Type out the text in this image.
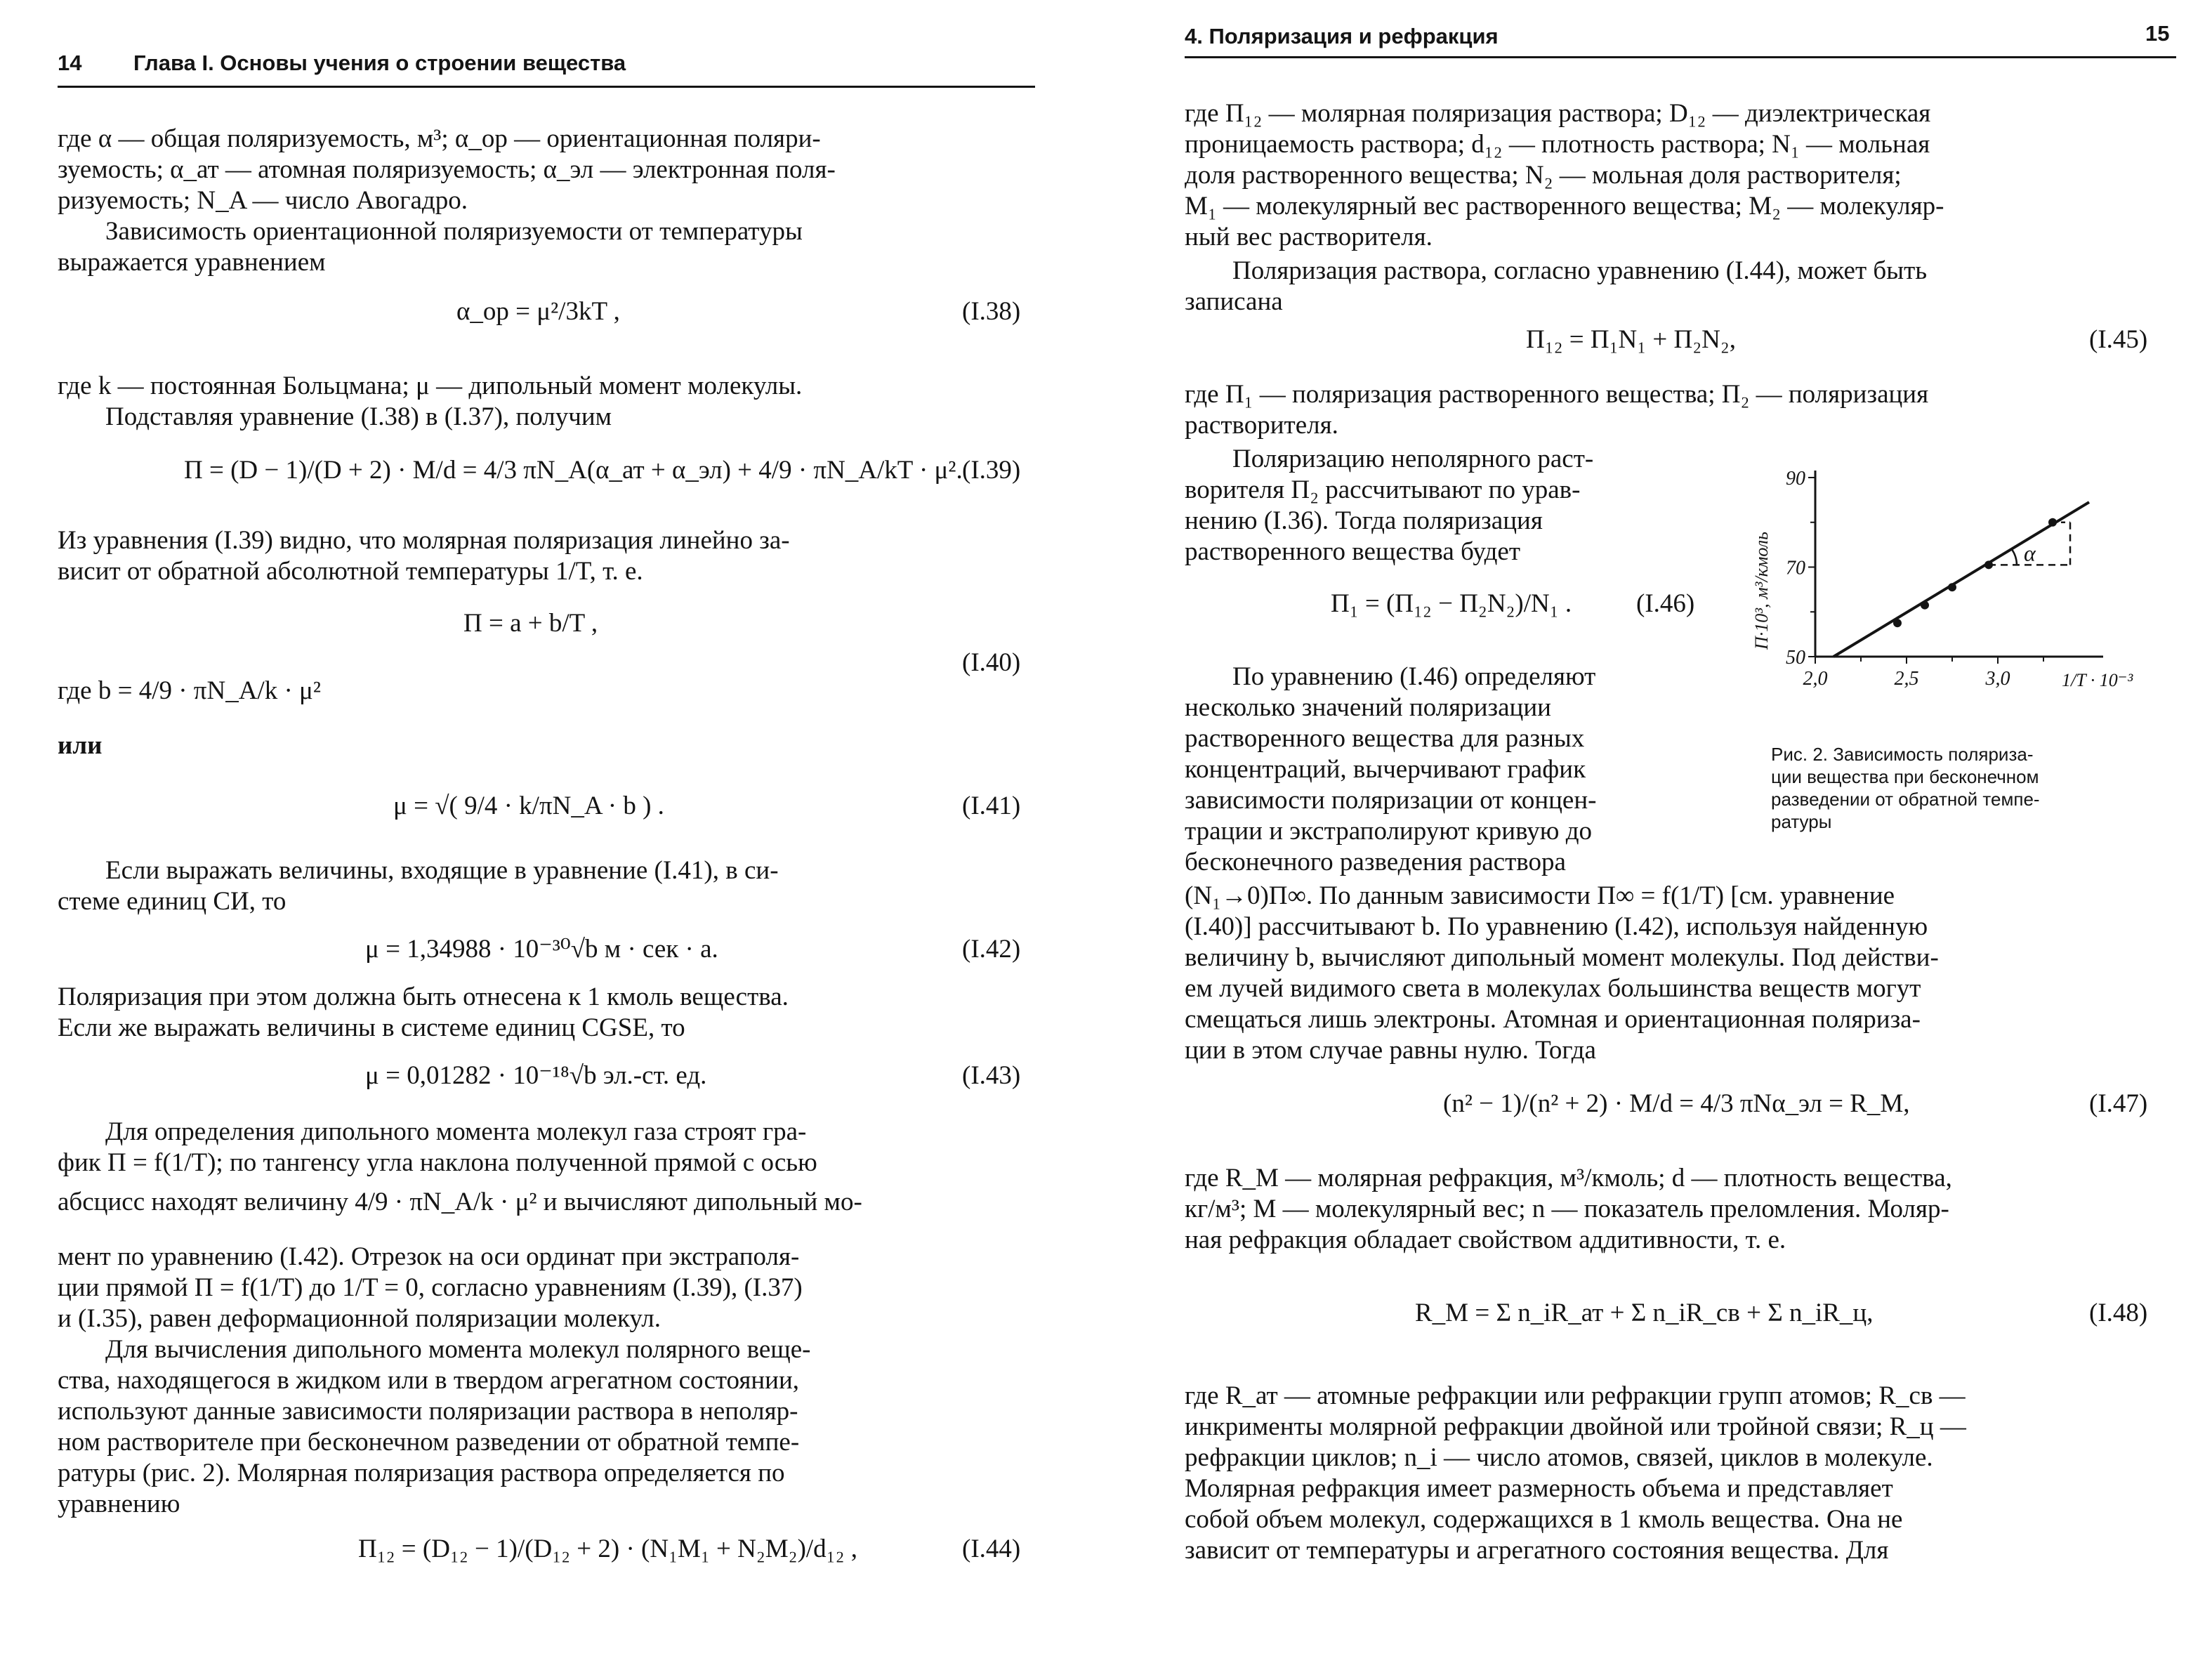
14 Глава I. Основы учения о строении вещества
где α — общая поляризуемость, м³; α_ор — ориентационная поляри-
зуемость; α_ат — атомная поляризуемость; α_эл — электронная поля-
ризуемость; N_A — число Авогадро.
Зависимость ориентационной поляризуемости от температуры
выражается уравнением
α_ор = μ²/3kT ,	(I.38)
где k — постоянная Больцмана; μ — дипольный момент молекулы.
Подставляя уравнение (I.38) в (I.37), получим
П = (D − 1)/(D + 2) · M/d = 4/3 πN_A(α_ат + α_эл) + 4/9 · πN_A/kT · μ². (I.39)
Из уравнения (I.39) видно, что молярная поляризация линейно за-
висит от обратной абсолютной температуры 1/T, т. е.
П = a + b/T ,
(I.40)
где b = 4/9 · πN_A/k · μ²
или
μ = √( 9/4 · k/πN_A · b ) .	(I.41)
Если выражать величины, входящие в уравнение (I.41), в си-
стеме единиц СИ, то
μ = 1,34988 · 10⁻³⁰√b м · сек · а.	(I.42)
Поляризация при этом должна быть отнесена к 1 кмоль вещества.
Если же выражать величины в системе единиц CGSE, то
μ = 0,01282 · 10⁻¹⁸√b эл.-ст. ед.	(I.43)
Для определения дипольного момента молекул газа строят гра-
фик П = f(1/T); по тангенсу угла наклона полученной прямой с осью
абсцисс находят величину 4/9 · πN_A/k · μ² и вычисляют дипольный мо-
мент по уравнению (I.42). Отрезок на оси ординат при экстраполя-
ции прямой П = f(1/T) до 1/T = 0, согласно уравнениям (I.39), (I.37)
и (I.35), равен деформационной поляризации молекул.
Для вычисления дипольного момента молекул полярного веще-
ства, находящегося в жидком или в твердом агрегатном состоянии,
используют данные зависимости поляризации раствора в неполяр-
ном растворителе при бесконечном разведении от обратной темпе-
ратуры (рис. 2). Молярная поляризация раствора определяется по
уравнению
П₁₂ = (D₁₂ − 1)/(D₁₂ + 2) · (N₁M₁ + N₂M₂)/d₁₂ ,	(I.44)
4. Поляризация и рефракция	15
где П₁₂ — молярная поляризация раствора; D₁₂ — диэлектрическая
проницаемость раствора; d₁₂ — плотность раствора; N₁ — мольная
доля растворенного вещества; N₂ — мольная доля растворителя;
M₁ — молекулярный вес растворенного вещества; M₂ — молекуляр-
ный вес растворителя.
Поляризация раствора, согласно уравнению (I.44), может быть
записана
П₁₂ = П₁N₁ + П₂N₂,	(I.45)
где П₁ — поляризация растворенного вещества; П₂ — поляризация
растворителя.
Поляризацию неполярного раст-
ворителя П₂ рассчитывают по урав-
нению (I.36). Тогда поляризация
растворенного вещества будет
П₁ = (П₁₂ − П₂N₂)/N₁ . (I.46)
По уравнению (I.46) определяют
несколько значений поляризации
растворенного вещества для разных
концентраций, вычерчивают график
зависимости поляризации от концен-
трации и экстраполируют кривую до
бесконечного разведения раствора
(N₁→0)П∞. По данным зависимости П∞ = f(1/T) [см. уравнение
(I.40)] рассчитывают b. По уравнению (I.42), используя найденную
величину b, вычисляют дипольный момент молекулы. Под действи-
ем лучей видимого света в молекулах большинства веществ могут
смещаться лишь электроны. Атомная и ориентационная поляриза-
ции в этом случае равны нулю. Тогда
(n² − 1)/(n² + 2) · M/d = 4/3 πNα_эл = R_M,	(I.47)
где R_M — молярная рефракция, м³/кмоль; d — плотность вещества,
кг/м³; M — молекулярный вес; n — показатель преломления. Моляр-
ная рефракция обладает свойством аддитивности, т. е.
R_M = Σ n_iR_ат + Σ n_iR_св + Σ n_iR_ц,	(I.48)
где R_ат — атомные рефракции или рефракции групп атомов; R_св —
инкрименты молярной рефракции двойной или тройной связи; R_ц —
рефракции циклов; n_i — число атомов, связей, циклов в молекуле.
Молярная рефракция имеет размерность объема и представляет
собой объем молекул, содержащихся в 1 кмоль вещества. Она не
зависит от температуры и агрегатного состояния вещества. Для
2,0	2,5	3,0
50
70
90
α
П·10³, м³/кмоль
1/T · 10⁻³
Рис. 2. Зависимость поляриза-
ции вещества при бесконечном
разведении от обратной темпе-
ратуры
